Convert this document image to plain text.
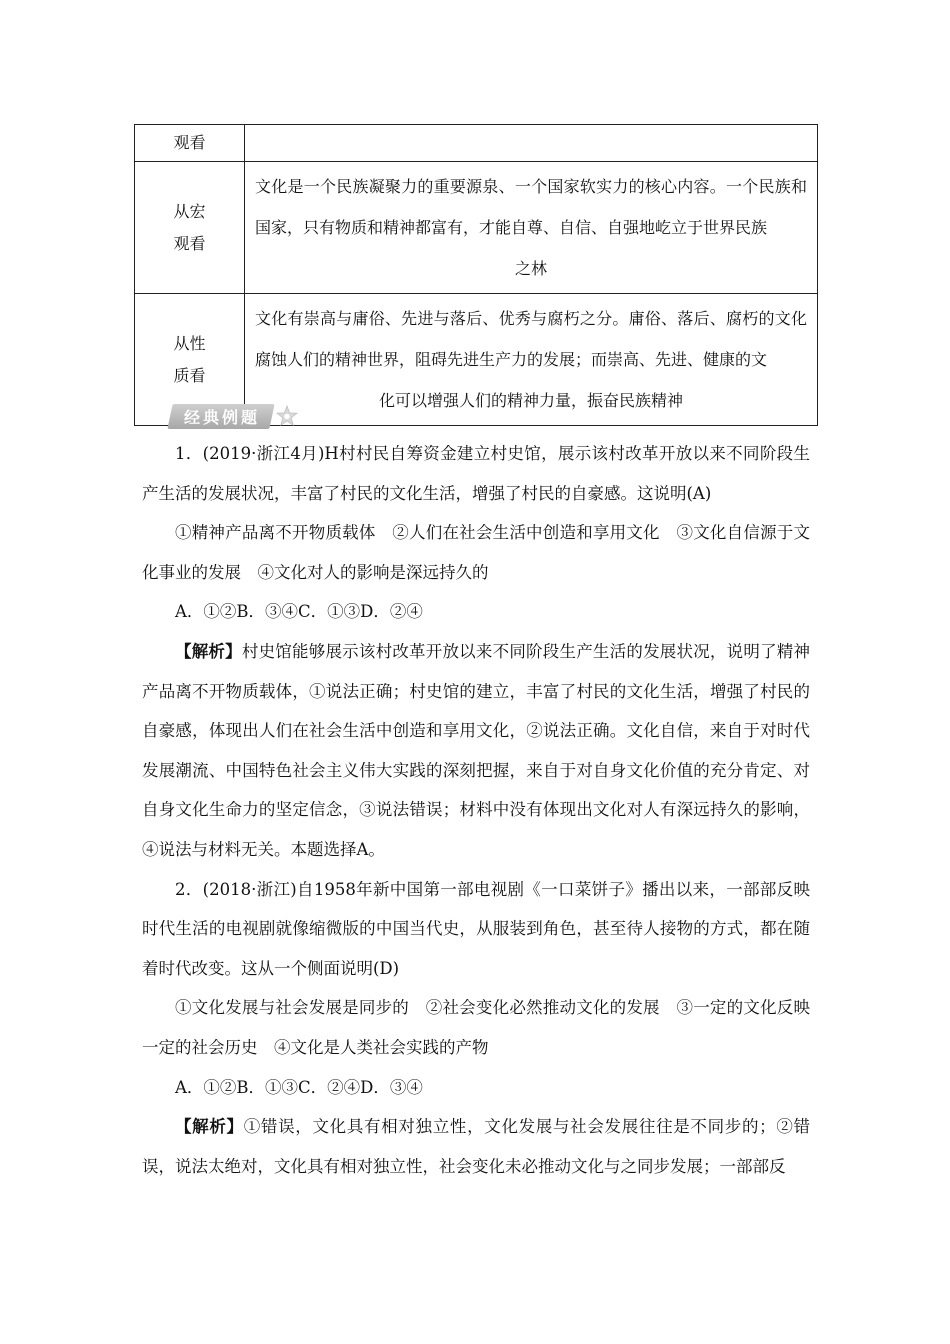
观看	

从宏
观看	文化是一个民族凝聚力的重要源泉、一个国家软实力的核心内容。一个民族和国家，只有物质和精神都富有，才能自尊、自信、自强地屹立于世界民族
之林

从性
质看	文化有崇高与庸俗、先进与落后、优秀与腐朽之分。庸俗、落后、腐朽的文化腐蚀人们的精神世界，阻碍先进生产力的发展；而崇高、先进、健康的文
化可以增强人们的精神力量，振奋民族精神
经典例题

1．(2019·浙江4月)H村村民自筹资金建立村史馆，展示该村改革开放以来不同阶段生产生活的发展状况，丰富了村民的文化生活，增强了村民的自豪感。这说明(A)

①精神产品离不开物质载体　②人们在社会生活中创造和享用文化　③文化自信源于文化事业的发展　④文化对人的影响是深远持久的

A．①②B．③④C．①③D．②④

【解析】村史馆能够展示该村改革开放以来不同阶段生产生活的发展状况，说明了精神产品离不开物质载体，①说法正确；村史馆的建立，丰富了村民的文化生活，增强了村民的自豪感，体现出人们在社会生活中创造和享用文化，②说法正确。文化自信，来自于对时代发展潮流、中国特色社会主义伟大实践的深刻把握，来自于对自身文化价值的充分肯定、对自身文化生命力的坚定信念，③说法错误；材料中没有体现出文化对人有深远持久的影响，④说法与材料无关。本题选择A。

2．(2018·浙江)自1958年新中国第一部电视剧《一口菜饼子》播出以来，一部部反映时代生活的电视剧就像缩微版的中国当代史，从服装到角色，甚至待人接物的方式，都在随着时代改变。这从一个侧面说明(D)

①文化发展与社会发展是同步的　②社会变化必然推动文化的发展　③一定的文化反映一定的社会历史　④文化是人类社会实践的产物

A．①②B．①③C．②④D．③④

【解析】①错误，文化具有相对独立性，文化发展与社会发展往往是不同步的；②错误，说法太绝对，文化具有相对独立性，社会变化未必推动文化与之同步发展；一部部反
